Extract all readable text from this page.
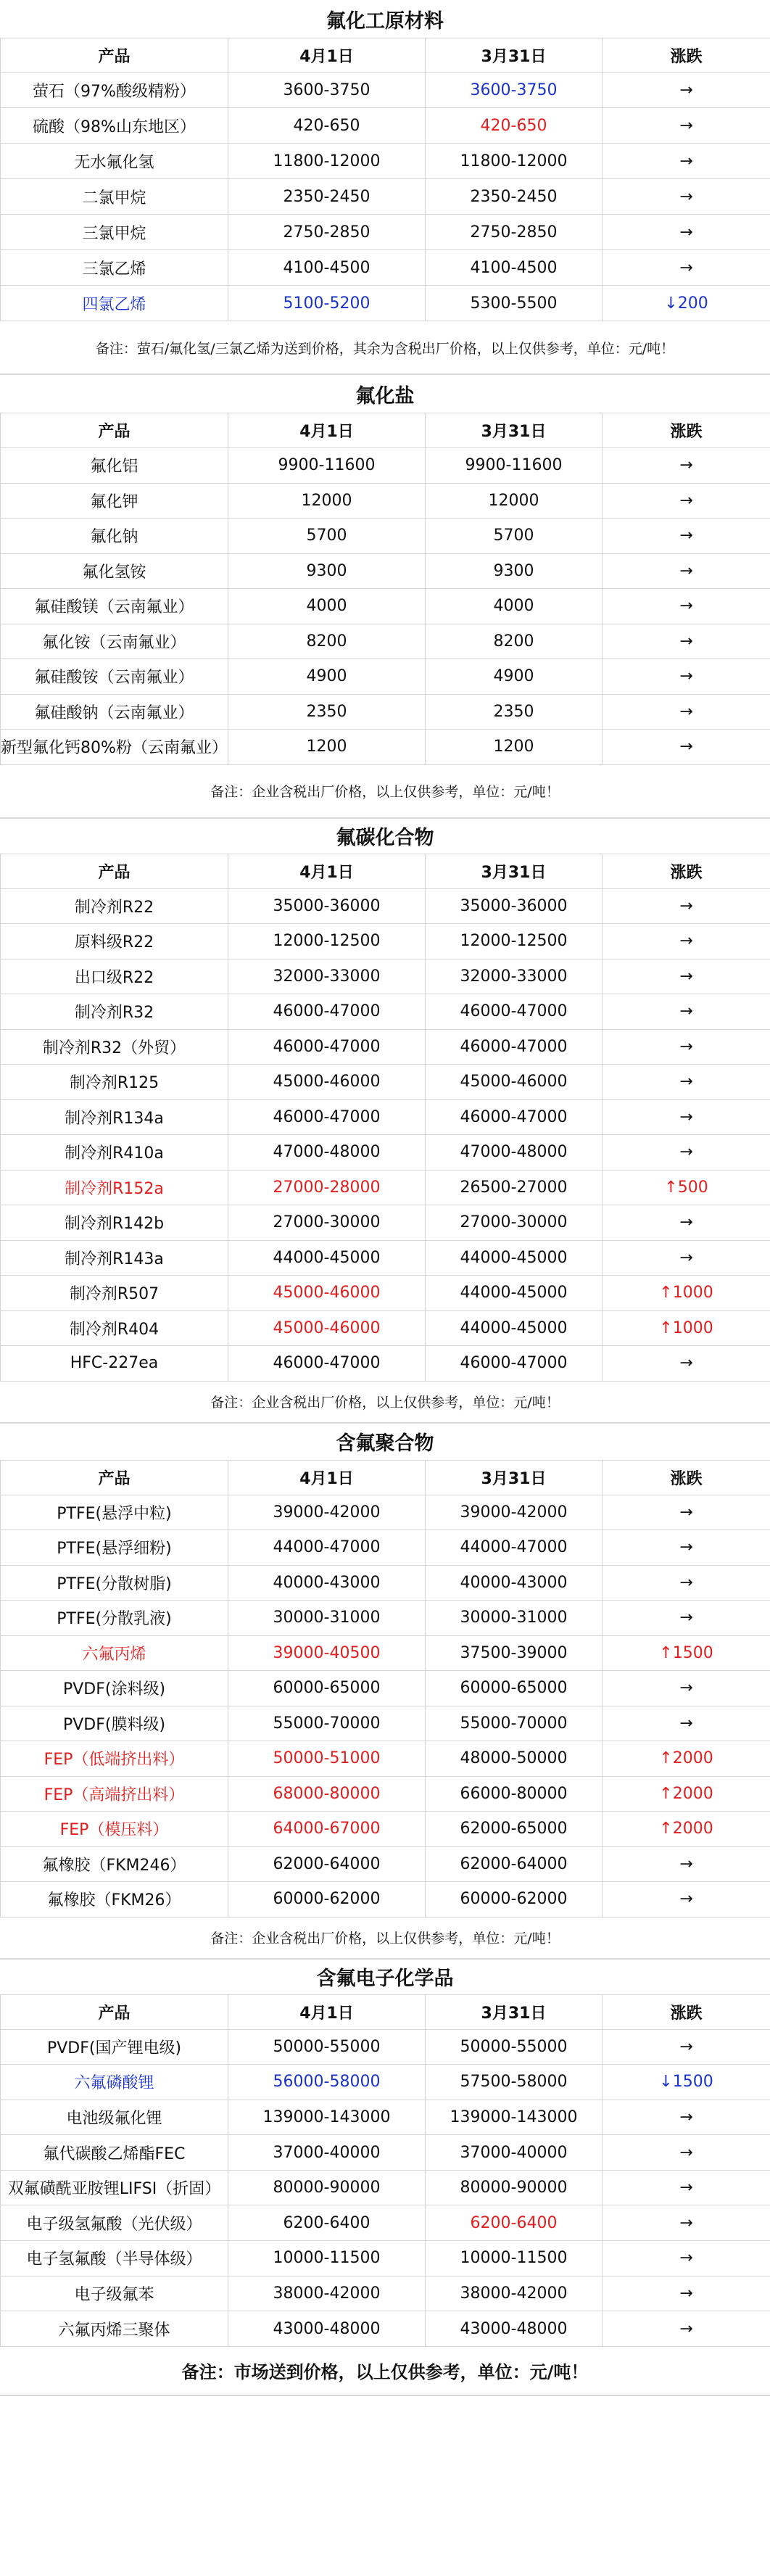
氟化工原材料
产品	4月1日	3月31日	涨跌
萤石（97%酸级精粉）	3600-3750	3600-3750	→
硫酸（98%山东地区）	420-650	420-650	→
无水氟化氢	11800-12000	11800-12000	→
二氯甲烷	2350-2450	2350-2450	→
三氯甲烷	2750-2850	2750-2850	→
三氯乙烯	4100-4500	4100-4500	→
四氯乙烯	5100-5200	5300-5500	↓200
备注：萤石/氟化氢/三氯乙烯为送到价格，其余为含税出厂价格，以上仅供参考，单位：元/吨！
氟化盐
产品	4月1日	3月31日	涨跌
氟化铝	9900-11600	9900-11600	→
氟化钾	12000	12000	→
氟化钠	5700	5700	→
氟化氢铵	9300	9300	→
氟硅酸镁（云南氟业）	4000	4000	→
氟化铵（云南氟业）	8200	8200	→
氟硅酸铵（云南氟业）	4900	4900	→
氟硅酸钠（云南氟业）	2350	2350	→
新型氟化钙80%粉（云南氟业）	1200	1200	→
备注：企业含税出厂价格，以上仅供参考，单位：元/吨！
氟碳化合物
产品	4月1日	3月31日	涨跌
制冷剂R22	35000-36000	35000-36000	→
原料级R22	12000-12500	12000-12500	→
出口级R22	32000-33000	32000-33000	→
制冷剂R32	46000-47000	46000-47000	→
制冷剂R32（外贸）	46000-47000	46000-47000	→
制冷剂R125	45000-46000	45000-46000	→
制冷剂R134a	46000-47000	46000-47000	→
制冷剂R410a	47000-48000	47000-48000	→
制冷剂R152a	27000-28000	26500-27000	↑500
制冷剂R142b	27000-30000	27000-30000	→
制冷剂R143a	44000-45000	44000-45000	→
制冷剂R507	45000-46000	44000-45000	↑1000
制冷剂R404	45000-46000	44000-45000	↑1000
HFC-227ea	46000-47000	46000-47000	→
备注：企业含税出厂价格，以上仅供参考，单位：元/吨！
含氟聚合物
产品	4月1日	3月31日	涨跌
PTFE(悬浮中粒)	39000-42000	39000-42000	→
PTFE(悬浮细粉)	44000-47000	44000-47000	→
PTFE(分散树脂)	40000-43000	40000-43000	→
PTFE(分散乳液)	30000-31000	30000-31000	→
六氟丙烯	39000-40500	37500-39000	↑1500
PVDF(涂料级)	60000-65000	60000-65000	→
PVDF(膜料级)	55000-70000	55000-70000	→
FEP（低端挤出料）	50000-51000	48000-50000	↑2000
FEP（高端挤出料）	68000-80000	66000-80000	↑2000
FEP（模压料）	64000-67000	62000-65000	↑2000
氟橡胶（FKM246）	62000-64000	62000-64000	→
氟橡胶（FKM26）	60000-62000	60000-62000	→
备注：企业含税出厂价格，以上仅供参考，单位：元/吨！
含氟电子化学品
产品	4月1日	3月31日	涨跌
PVDF(国产锂电级)	50000-55000	50000-55000	→
六氟磷酸锂	56000-58000	57500-58000	↓1500
电池级氟化锂	139000-143000	139000-143000	→
氟代碳酸乙烯酯FEC	37000-40000	37000-40000	→
双氟磺酰亚胺锂LIFSI（折固）	80000-90000	80000-90000	→
电子级氢氟酸（光伏级）	6200-6400	6200-6400	→
电子氢氟酸（半导体级）	10000-11500	10000-11500	→
电子级氟苯	38000-42000	38000-42000	→
六氟丙烯三聚体	43000-48000	43000-48000	→
备注：市场送到价格，以上仅供参考，单位：元/吨！
